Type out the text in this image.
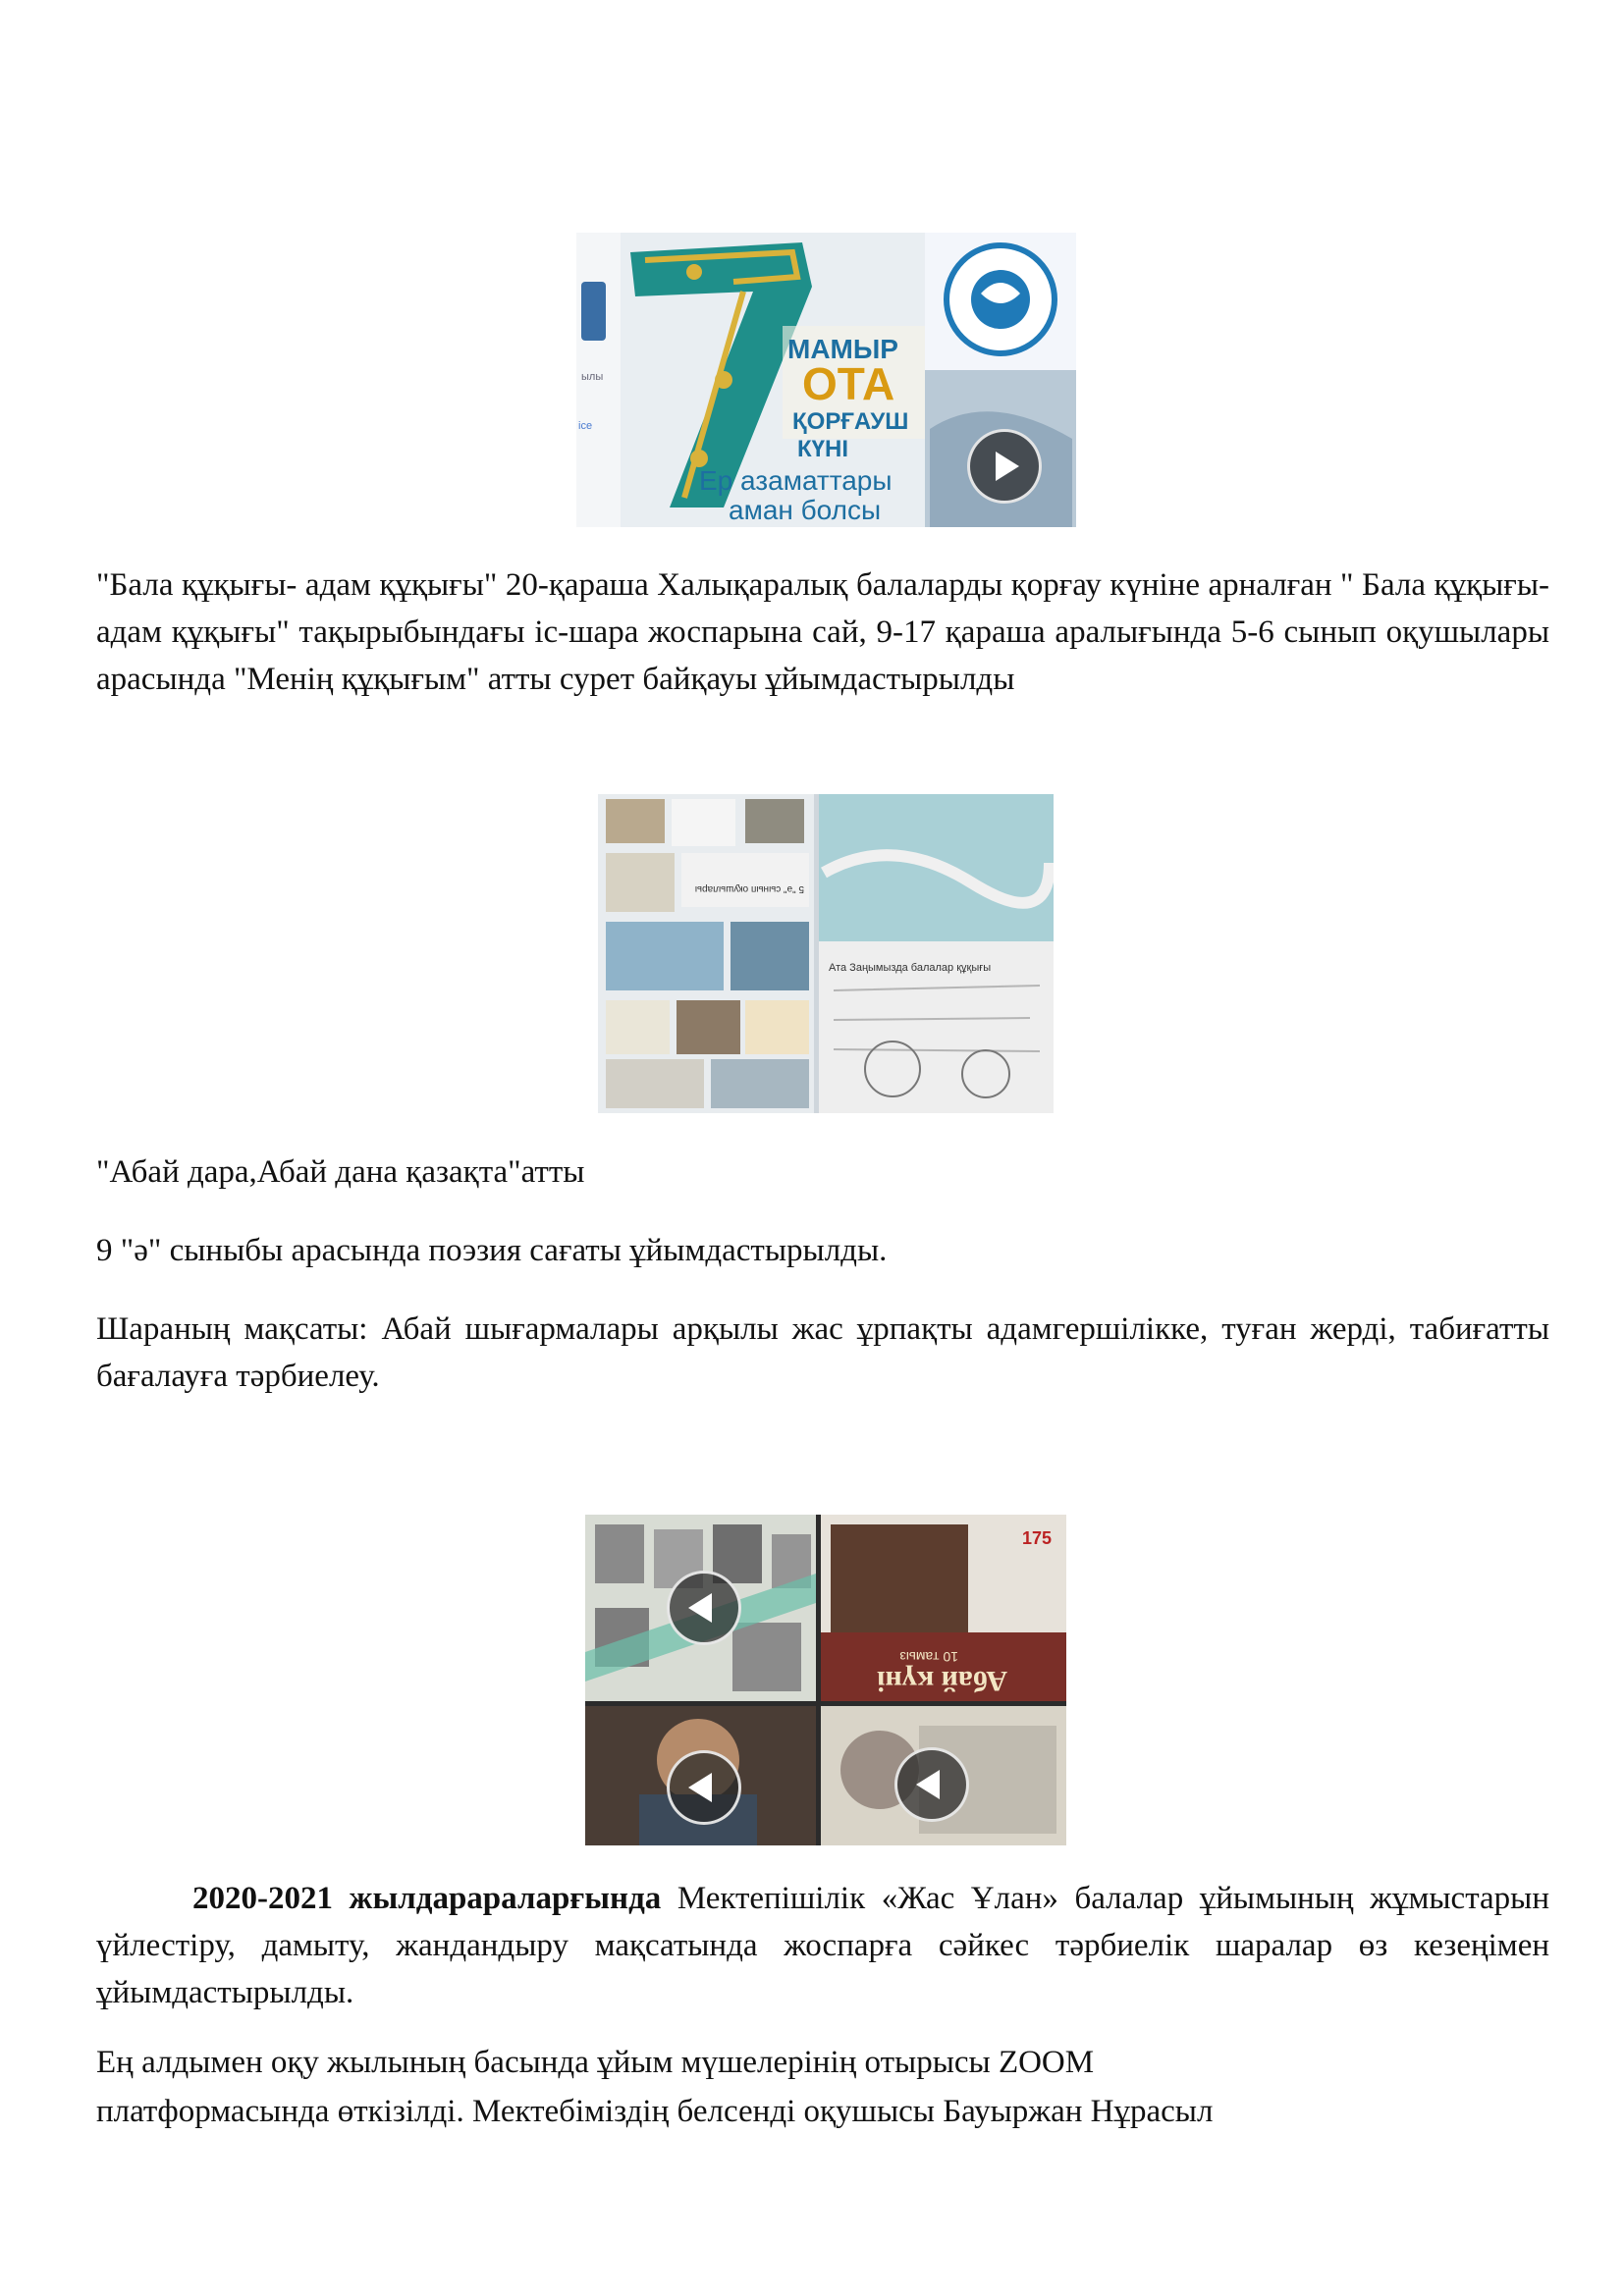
ылы
ice
МАМЫР
ОТА
ҚОРҒАУШ
КҮНІ
Ер азаматтары
аман болсы

"Бала құқығы- адам құқығы" 20-қараша Халықаралық балаларды қорғау күніне арналған " Бала құқығы- адам құқығы" тақырыбындағы іс-шара жоспарына сай, 9-17 қараша аралығында 5-6 сынып оқушылары арасында "Менің құқығым" атты сурет байқауы ұйымдастырылды

5 "ә" сынып оқушылары
Ата Заңымызда балалар құқығы

"Абай дара,Абай дана қазақта"атты

9 "ә" сыныбы арасында поэзия сағаты ұйымдастырылды.

Шараның мақсаты: Абай шығармалары арқылы жас ұрпақты адамгершілікке, туған жерді, табиғатты бағалауға тәрбиелеу.

175
10 тамыз
Абай күні

2020-2021 жылдарараларғында Мектепішілік «Жас Ұлан» балалар ұйымының жұмыстарын үйлестіру, дамыту, жандандыру мақсатында жоспарға сәйкес тәрбиелік шаралар өз кезеңімен ұйымдастырылды.

Ең алдымен оқу жылының басында ұйым мүшелерінің отырысы ZOOM

платформасында өткізілді. Мектебіміздің белсенді оқушысы Бауыржан Нұрасыл
